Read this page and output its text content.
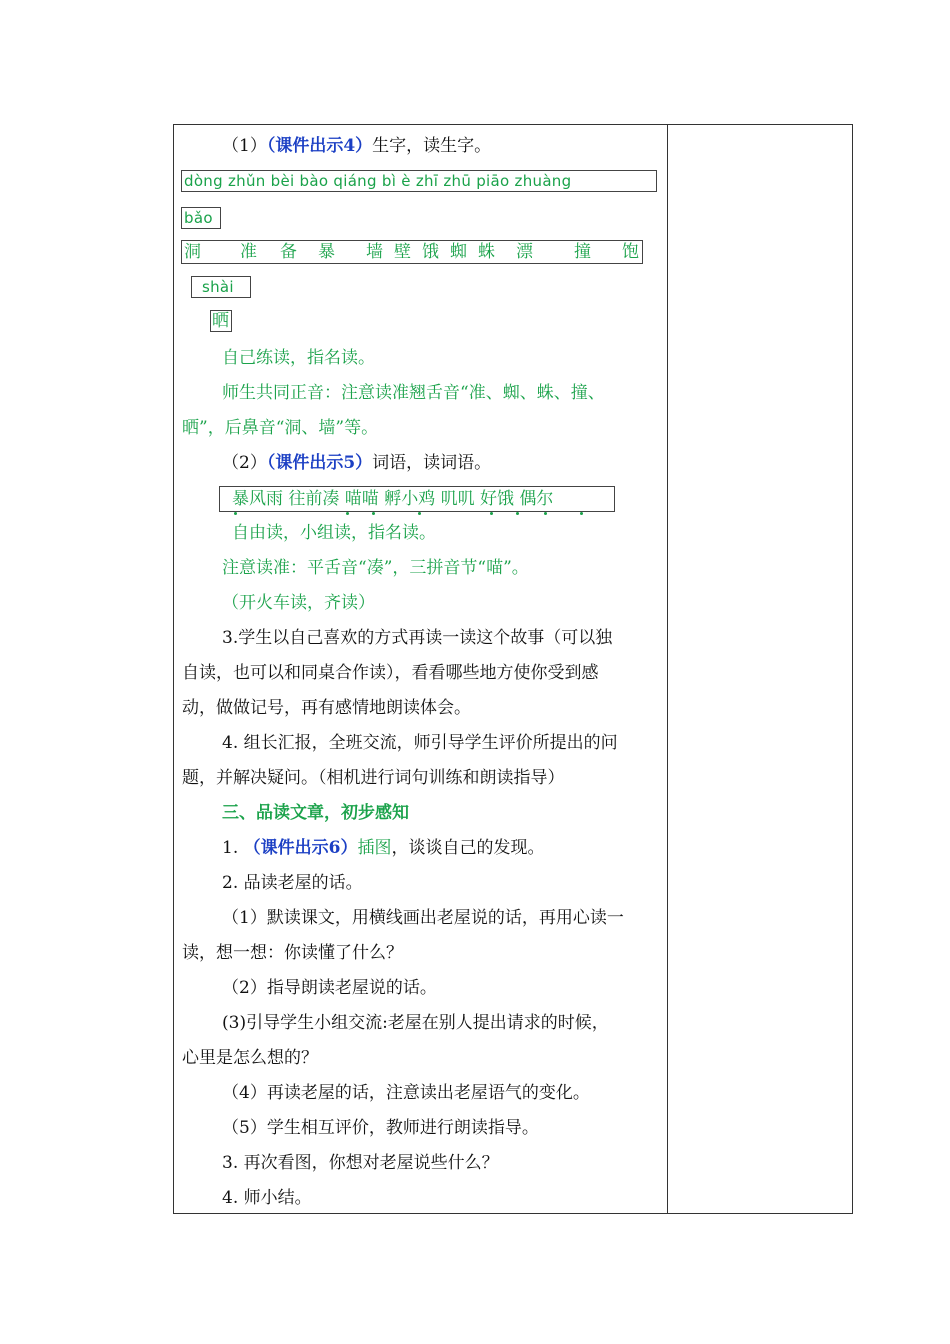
（1）（课件出示4）生字，读生字。
dòng zhǔn bèi bào qiáng bì è zhī zhū piāo zhuàng
bǎo
洞 准 备 暴 墙 壁 饿 蜘 蛛 漂 撞 饱
shài
晒
自己练读，指名读。
师生共同正音：注意读准翘舌音“准、蜘、蛛、撞、
晒”，后鼻音“洞、墙”等。
（2）（课件出示5）词语，读词语。
暴风雨 往前凑 喵喵 孵小鸡 叽叽 好饿 偶尔
自由读，小组读，指名读。
注意读准：平舌音“凑”，三拼音节“喵”。
（开火车读，齐读）
3.学生以自己喜欢的方式再读一读这个故事（可以独
自读，也可以和同桌合作读），看看哪些地方使你受到感
动，做做记号，再有感情地朗读体会。
4. 组长汇报，全班交流，师引导学生评价所提出的问
题，并解决疑问。（相机进行词句训练和朗读指导）
三、品读文章，初步感知
1. （课件出示6）插图，谈谈自己的发现。
2. 品读老屋的话。
（1）默读课文，用横线画出老屋说的话，再用心读一
读，想一想：你读懂了什么？
（2）指导朗读老屋说的话。
(3)引导学生小组交流:老屋在别人提出请求的时候，
心里是怎么想的？
（4）再读老屋的话，注意读出老屋语气的变化。
（5）学生相互评价，教师进行朗读指导。
3. 再次看图，你想对老屋说些什么？
4. 师小结。
